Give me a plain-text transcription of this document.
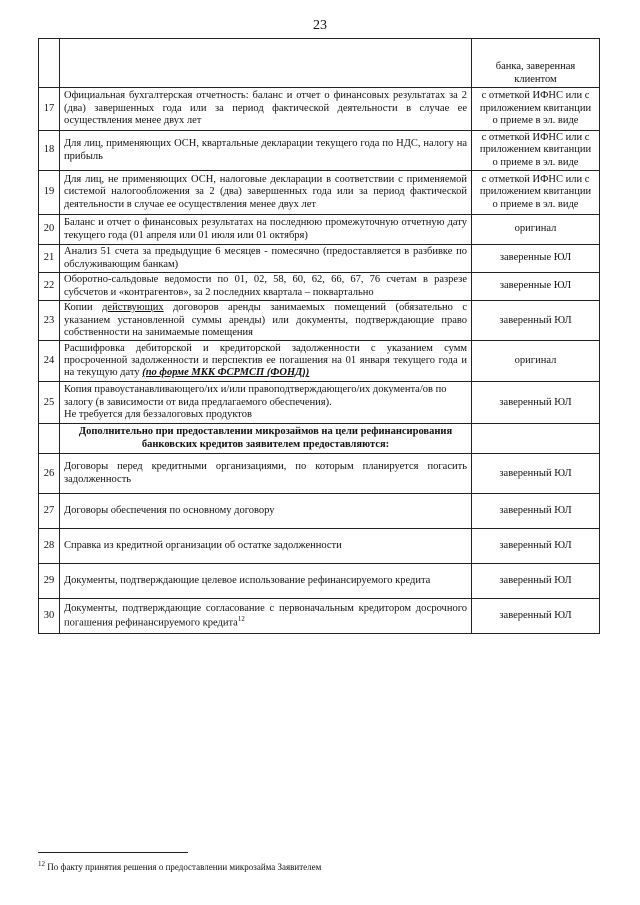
23
		банка, заверенная клиентом
17	Официальная бухгалтерская отчетность: баланс и отчет о финансовых результатах за 2 (два) завершенных года или за период фактической деятельности в случае ее осуществления менее двух лет	с отметкой ИФНС или с приложением квитанции о приеме в эл. виде
18	Для лиц, применяющих ОСН, квартальные декларации текущего года по НДС, налогу на прибыль	с отметкой ИФНС или с приложением квитанции о приеме в эл. виде
19	Для лиц, не применяющих ОСН, налоговые декларации в соответствии с применяемой системой налогообложения за 2 (два) завершенных года или за период фактической деятельности в случае ее осуществления менее двух лет	с отметкой ИФНС или с приложением квитанции о приеме в эл. виде
20	Баланс и отчет о финансовых результатах на последнюю промежуточную отчетную дату текущего года (01 апреля или 01 июля или 01 октября)	оригинал
21	Анализ 51 счета за предыдущие 6 месяцев - помесячно (предоставляется в разбивке по обслуживающим банкам)	заверенные ЮЛ
22	Оборотно-сальдовые ведомости по 01, 02, 58, 60, 62, 66, 67, 76 счетам в разрезе субсчетов и «контрагентов», за 2 последних квартала – поквартально	заверенные ЮЛ
23	Копии действующих договоров аренды занимаемых помещений (обязательно с указанием установленной суммы аренды) или документы, подтверждающие право собственности на занимаемые помещения	заверенный ЮЛ
24	Расшифровка дебиторской и кредиторской задолженности с указанием сумм просроченной задолженности и перспектив ее погашения на 01 января текущего года и на текущую дату (по форме МКК ФСРМСП (ФОНД))	оригинал
25	Копия правоустанавливающего/их и/или правоподтверждающего/их документа/ов по залогу (в зависимости от вида предлагаемого обеспечения).
Не требуется для беззалоговых продуктов	заверенный ЮЛ
	Дополнительно при предоставлении микрозаймов на цели рефинансирования банковских кредитов заявителем предоставляются:	
26	Договоры перед кредитными организациями, по которым планируется погасить задолженность	заверенный ЮЛ
27	Договоры обеспечения по основному договору	заверенный ЮЛ
28	Справка из кредитной организации об остатке задолженности	заверенный ЮЛ
29	Документы, подтверждающие целевое использование рефинансируемого кредита	заверенный ЮЛ
30	Документы, подтверждающие согласование с первоначальным кредитором досрочного погашения рефинансируемого кредита$^{12}$	заверенный ЮЛ
$^{12}$ По факту принятия решения о предоставлении микрозайма Заявителем
